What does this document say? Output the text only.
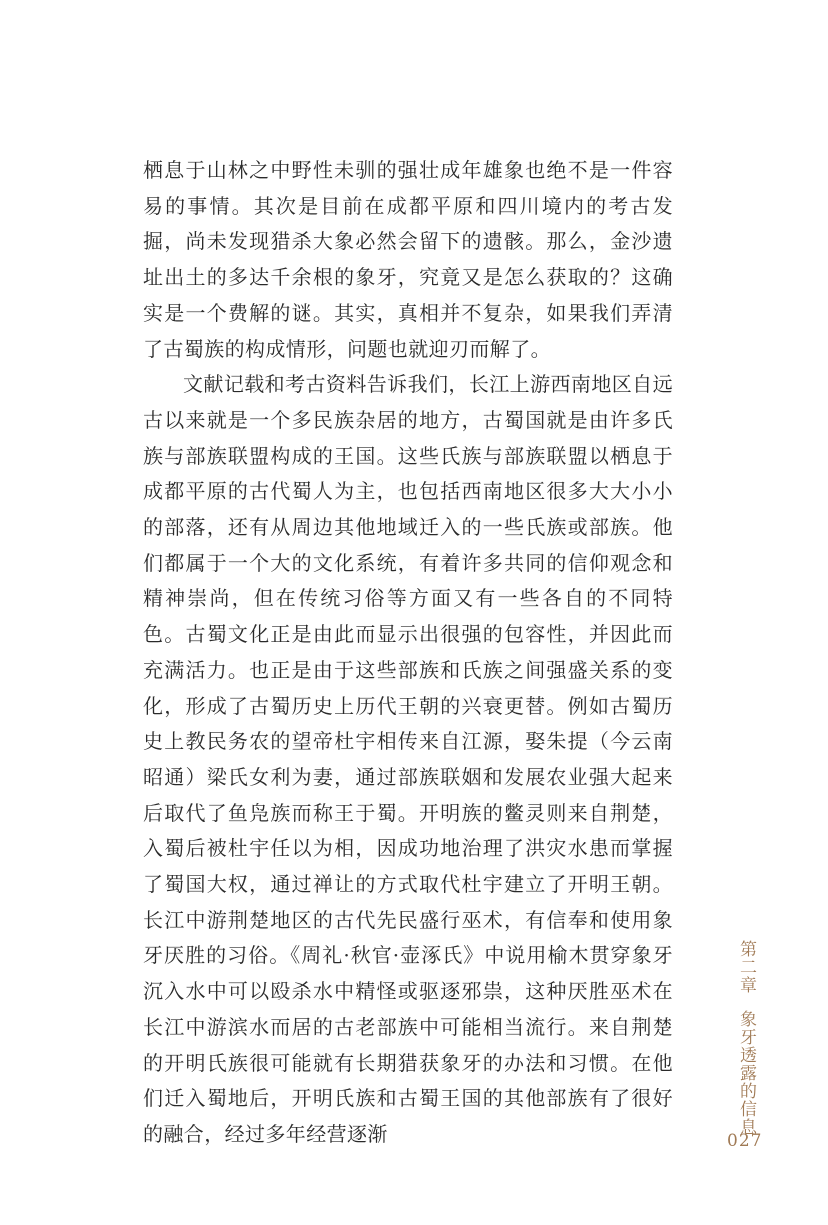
栖息于山林之中野性未驯的强壮成年雄象也绝不是一件容易的事情。其次是目前在成都平原和四川境内的考古发掘，尚未发现猎杀大象必然会留下的遗骸。那么，金沙遗址出土的多达千余根的象牙，究竟又是怎么获取的？这确实是一个费解的谜。其实，真相并不复杂，如果我们弄清了古蜀族的构成情形，问题也就迎刃而解了。

文献记载和考古资料告诉我们，长江上游西南地区自远古以来就是一个多民族杂居的地方，古蜀国就是由许多氏族与部族联盟构成的王国。这些氏族与部族联盟以栖息于成都平原的古代蜀人为主，也包括西南地区很多大大小小的部落，还有从周边其他地域迁入的一些氏族或部族。他们都属于一个大的文化系统，有着许多共同的信仰观念和精神崇尚，但在传统习俗等方面又有一些各自的不同特色。古蜀文化正是由此而显示出很强的包容性，并因此而充满活力。也正是由于这些部族和氏族之间强盛关系的变化，形成了古蜀历史上历代王朝的兴衰更替。例如古蜀历史上教民务农的望帝杜宇相传来自江源，娶朱提（今云南昭通）梁氏女利为妻，通过部族联姻和发展农业强大起来后取代了鱼凫族而称王于蜀。开明族的鳖灵则来自荆楚，入蜀后被杜宇任以为相，因成功地治理了洪灾水患而掌握了蜀国大权，通过禅让的方式取代杜宇建立了开明王朝。长江中游荆楚地区的古代先民盛行巫术，有信奉和使用象牙厌胜的习俗。《周礼·秋官·壶涿氏》中说用榆木贯穿象牙沉入水中可以殴杀水中精怪或驱逐邪祟，这种厌胜巫术在长江中游滨水而居的古老部族中可能相当流行。来自荆楚的开明氏族很可能就有长期猎获象牙的办法和习惯。在他们迁入蜀地后，开明氏族和古蜀王国的其他部族有了很好的融合，经过多年经营逐渐

第二章象牙透露的信息
027
